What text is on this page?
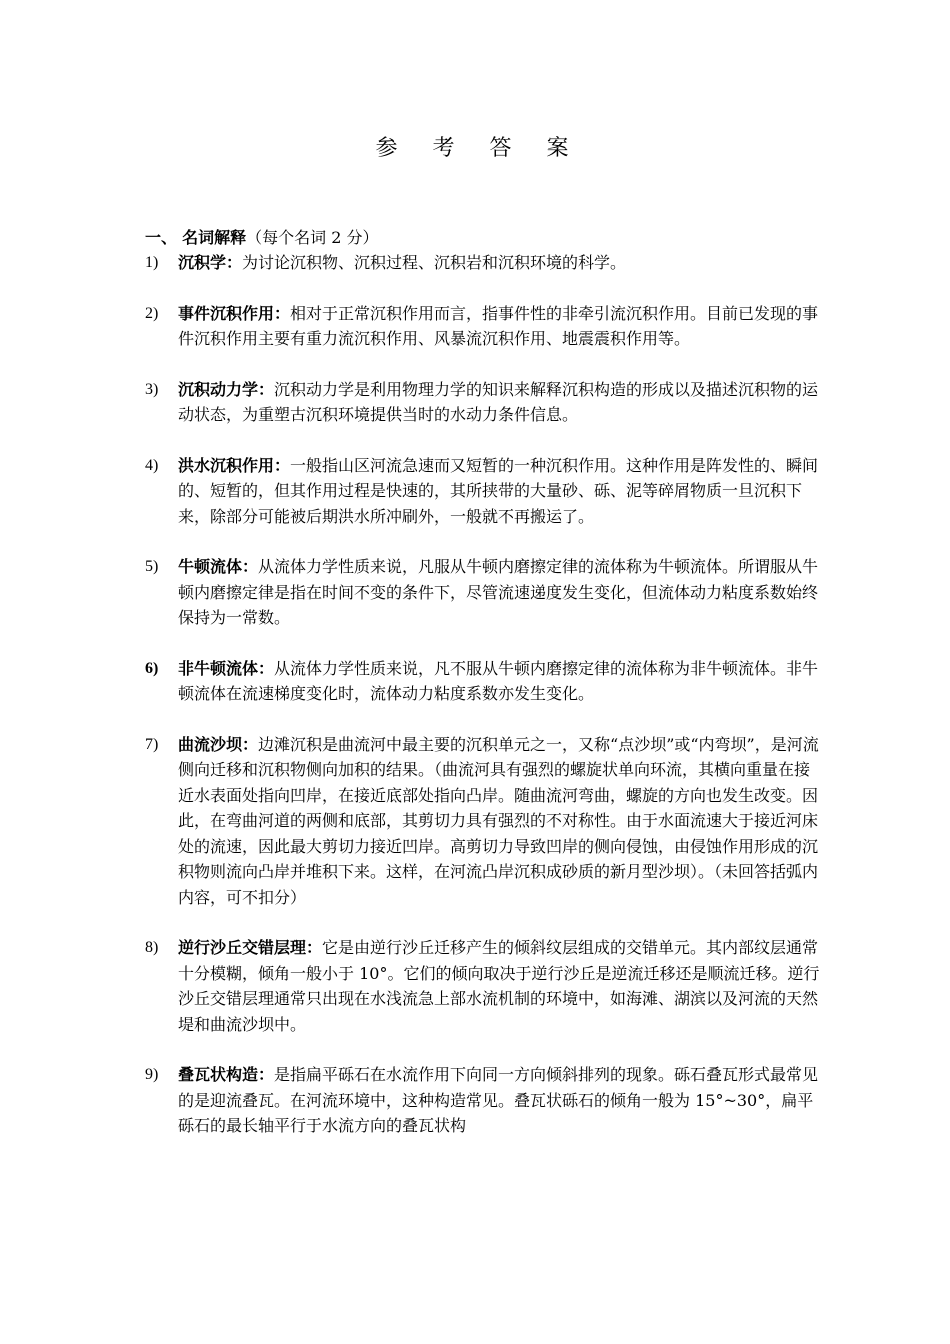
参 考 答 案
一、 名词解释（每个名词 2 分）
1) 沉积学：为讨论沉积物、沉积过程、沉积岩和沉积环境的科学。
2) 事件沉积作用：相对于正常沉积作用而言，指事件性的非牵引流沉积作用。目前已发现的事件沉积作用主要有重力流沉积作用、风暴流沉积作用、地震震积作用等。
3) 沉积动力学：沉积动力学是利用物理力学的知识来解释沉积构造的形成以及描述沉积物的运动状态，为重塑古沉积环境提供当时的水动力条件信息。
4) 洪水沉积作用：一般指山区河流急速而又短暂的一种沉积作用。这种作用是阵发性的、瞬间的、短暂的，但其作用过程是快速的，其所挟带的大量砂、砾、泥等碎屑物质一旦沉积下来，除部分可能被后期洪水所冲刷外，一般就不再搬运了。
5) 牛顿流体：从流体力学性质来说，凡服从牛顿内磨擦定律的流体称为牛顿流体。所谓服从牛顿内磨擦定律是指在时间不变的条件下，尽管流速递度发生变化，但流体动力粘度系数始终保持为一常数。
6) 非牛顿流体：从流体力学性质来说，凡不服从牛顿内磨擦定律的流体称为非牛顿流体。非牛顿流体在流速梯度变化时，流体动力粘度系数亦发生变化。
7) 曲流沙坝：边滩沉积是曲流河中最主要的沉积单元之一，又称“点沙坝”或“内弯坝”，是河流侧向迁移和沉积物侧向加积的结果。（曲流河具有强烈的螺旋状单向环流，其横向重量在接近水表面处指向凹岸，在接近底部处指向凸岸。随曲流河弯曲，螺旋的方向也发生改变。因此，在弯曲河道的两侧和底部，其剪切力具有强烈的不对称性。由于水面流速大于接近河床处的流速，因此最大剪切力接近凹岸。高剪切力导致凹岸的侧向侵蚀，由侵蚀作用形成的沉积物则流向凸岸并堆积下来。这样，在河流凸岸沉积成砂质的新月型沙坝）。（未回答括弧内内容，可不扣分）
8) 逆行沙丘交错层理：它是由逆行沙丘迁移产生的倾斜纹层组成的交错单元。其内部纹层通常十分模糊，倾角一般小于 10°。它们的倾向取决于逆行沙丘是逆流迁移还是顺流迁移。逆行沙丘交错层理通常只出现在水浅流急上部水流机制的环境中，如海滩、湖滨以及河流的天然堤和曲流沙坝中。
9) 叠瓦状构造：是指扁平砾石在水流作用下向同一方向倾斜排列的现象。砾石叠瓦形式最常见的是迎流叠瓦。在河流环境中，这种构造常见。叠瓦状砾石的倾角一般为 15°~30°，扁平砾石的最长轴平行于水流方向的叠瓦状构
